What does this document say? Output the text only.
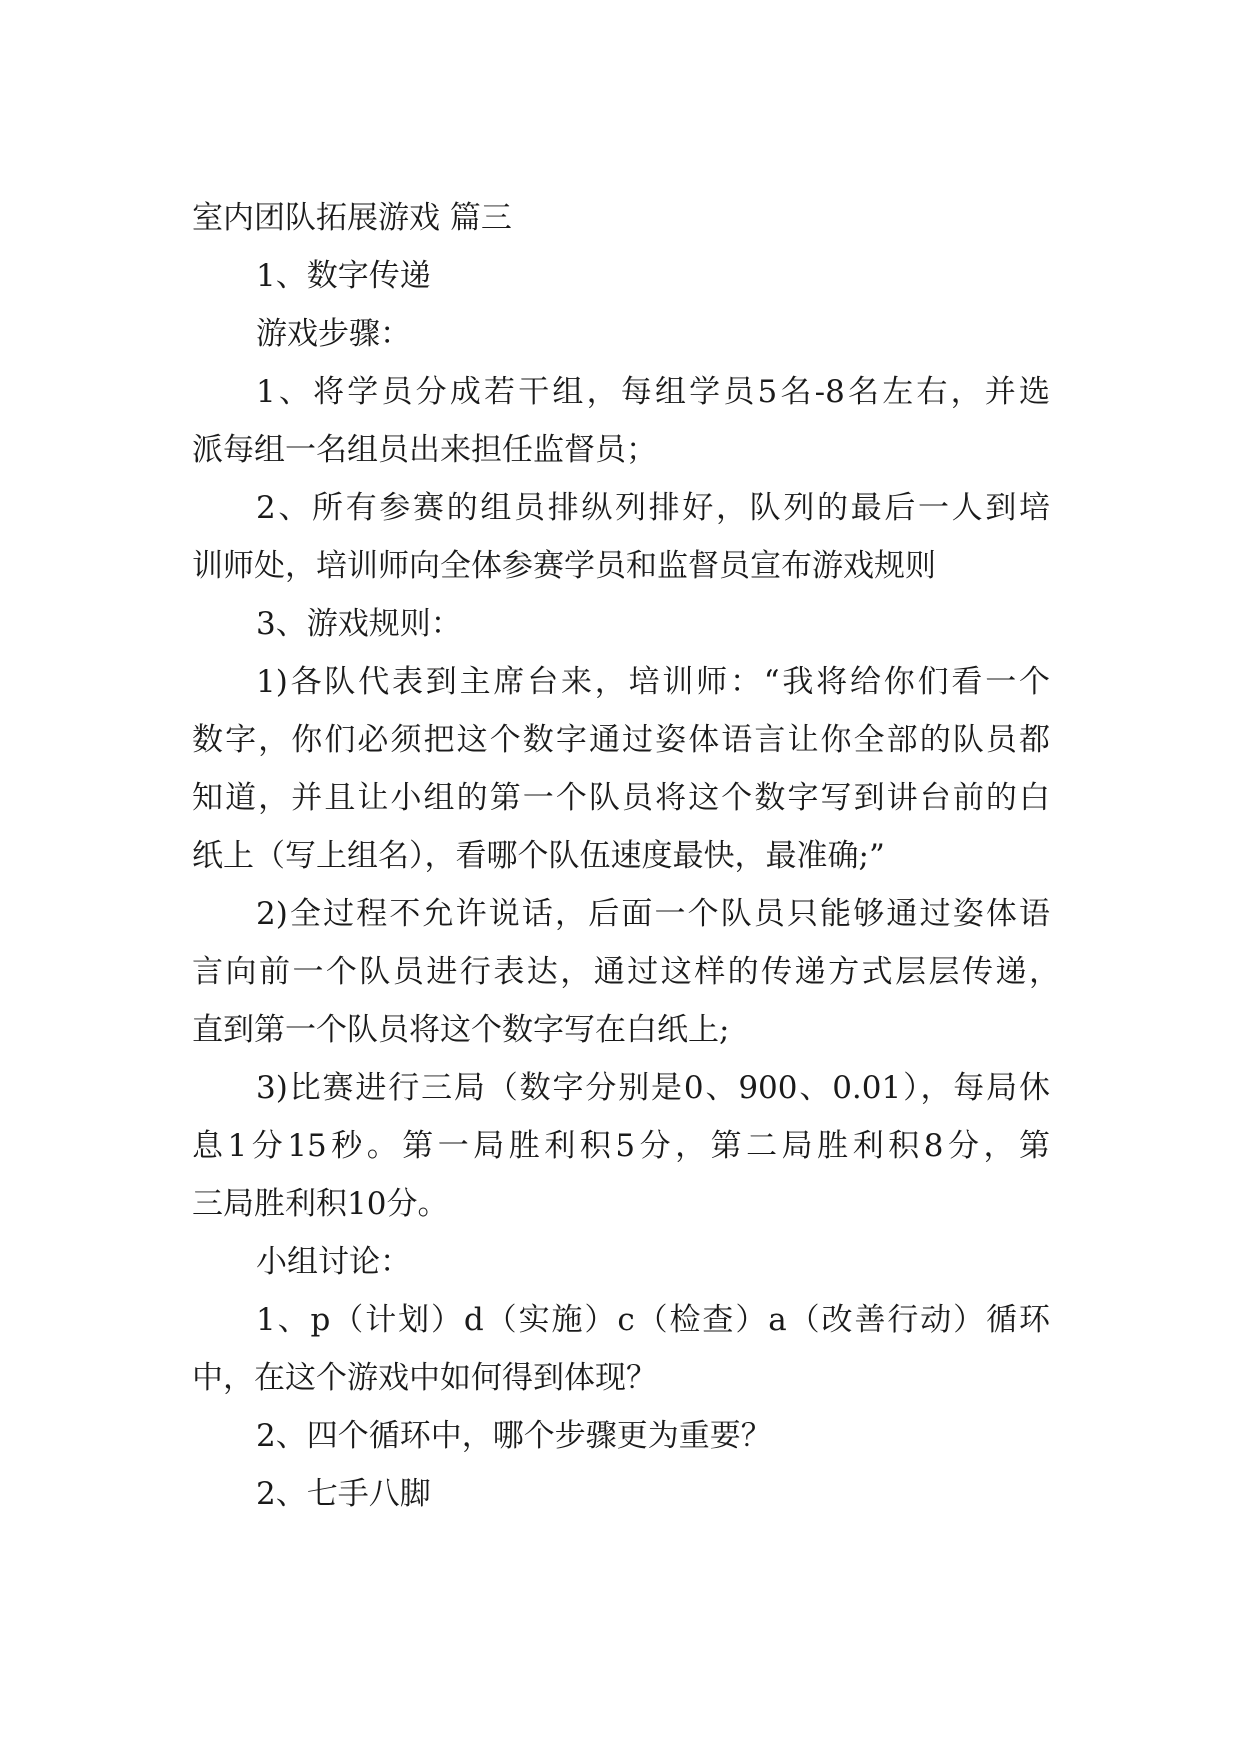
室内团队拓展游戏 篇三
1、数字传递
游戏步骤：
1、将学员分成若干组，每组学员5名-8名左右，并选
派每组一名组员出来担任监督员；
2、所有参赛的组员排纵列排好，队列的最后一人到培
训师处，培训师向全体参赛学员和监督员宣布游戏规则
3、游戏规则：
1)各队代表到主席台来，培训师：“我将给你们看一个
数字，你们必须把这个数字通过姿体语言让你全部的队员都
知道，并且让小组的第一个队员将这个数字写到讲台前的白
纸上（写上组名），看哪个队伍速度最快，最准确;”
2)全过程不允许说话，后面一个队员只能够通过姿体语
言向前一个队员进行表达，通过这样的传递方式层层传递，
直到第一个队员将这个数字写在白纸上;
3)比赛进行三局（数字分别是0、900、0.01），每局休
息1分15秒。第一局胜利积5分，第二局胜利积8分，第
三局胜利积10分。
小组讨论：
1、p（计划）d（实施）c（检查）a（改善行动）循环
中，在这个游戏中如何得到体现？
2、四个循环中，哪个步骤更为重要？
2、七手八脚
